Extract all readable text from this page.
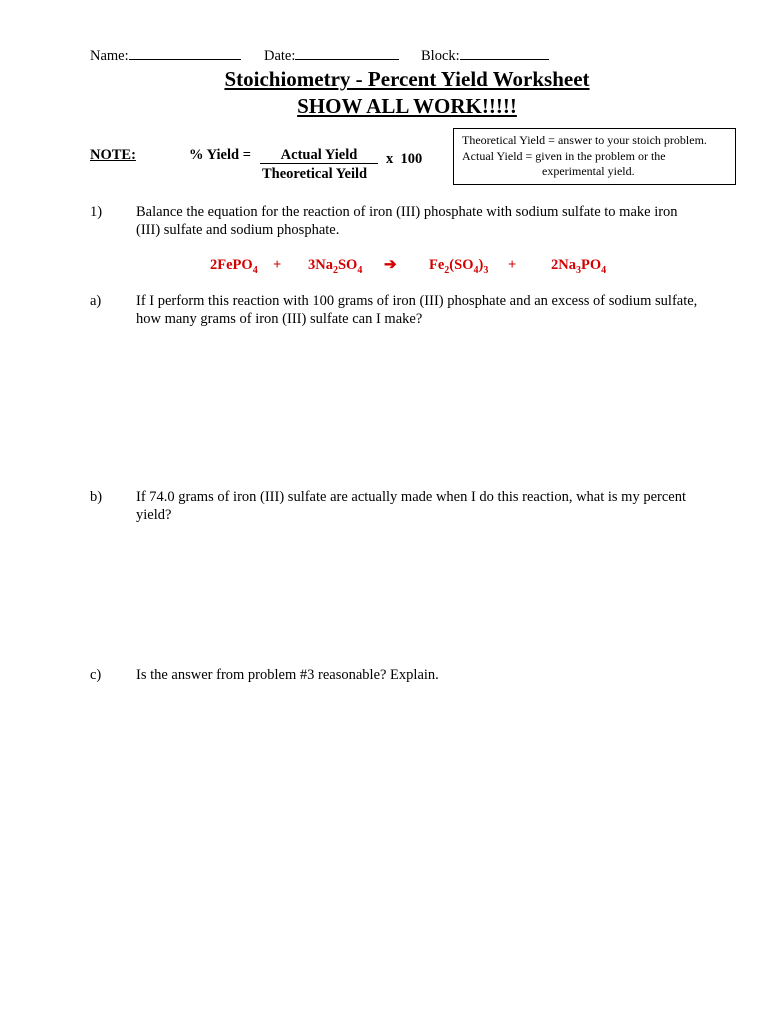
Name:	Date:	Block:
Stoichiometry - Percent Yield Worksheet
SHOW ALL WORK!!!!!
NOTE:	% Yield =	Actual Yield
Theoretical Yeild
x  100
Theoretical Yield = answer to your stoich problem.
Actual Yield = given in the problem or the
experimental yield.
1) Balance the equation for the reaction of iron (III) phosphate with sodium sulfate to make iron
(III) sulfate and sodium phosphate.
2FePO$_4$ + $3Na_2SO_4$ ➔ $Fe_2(SO_4)_3 + 2Na_3PO_4$
a) If I perform this reaction with 100 grams of iron (III) phosphate and an excess of sodium sulfate,
how many grams of iron (III) sulfate can I make?
b) If 74.0 grams of iron (III) sulfate are actually made when I do this reaction, what is my percent
yield?
c) Is the answer from problem #3 reasonable? Explain.
